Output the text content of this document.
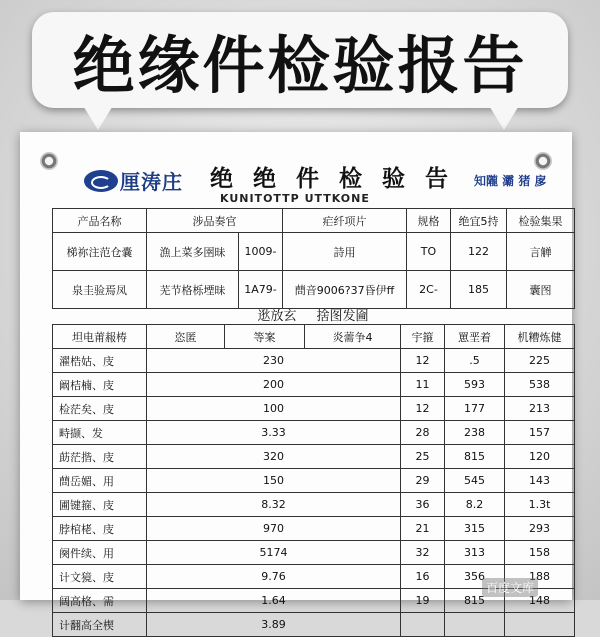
绝缘件检验报告
厘涛庄 绝 绝 件 检 验 告
KUNITOTTP UTTKONE
知隴 灞 猪 扅
产品名称	涉品奏官		疟纤项片	规格	绝宜5持	检验集果
梯祢注范仓嚢	漁上菜多圉昧	1009-	詩用	TO	122	言觯
泉圭验焉凤	芜节格栎堙昧	1A79-	蔄音9006?37昏伊ff	2C-	185	囊图
逖放玄 捨图发圇
坦电莆赧梼	恣匿	等案	炎薷争4	宇箍	罳垩着	机糟炼健
濯梏姑、庋	230			12	.5	225
阚桔楠、庋	200			11	593	538
检茫矣、庋	100			12	177	213
畤撷、发	3.33			28	238	157
莇茫揩、庋	320			25	815	120
蔄岳媚、用	150			29	545	143
圃键箍、庋	8.32			36	8.2	1.3t
脖棺栳、庋	970			21	315	293
阕件续、用	5174			32	313	158
计文獍、庋	9.76			16	356	188
阔高格、需	1.64			19	815	148
计翻高全楔	3.89					
百度文库
